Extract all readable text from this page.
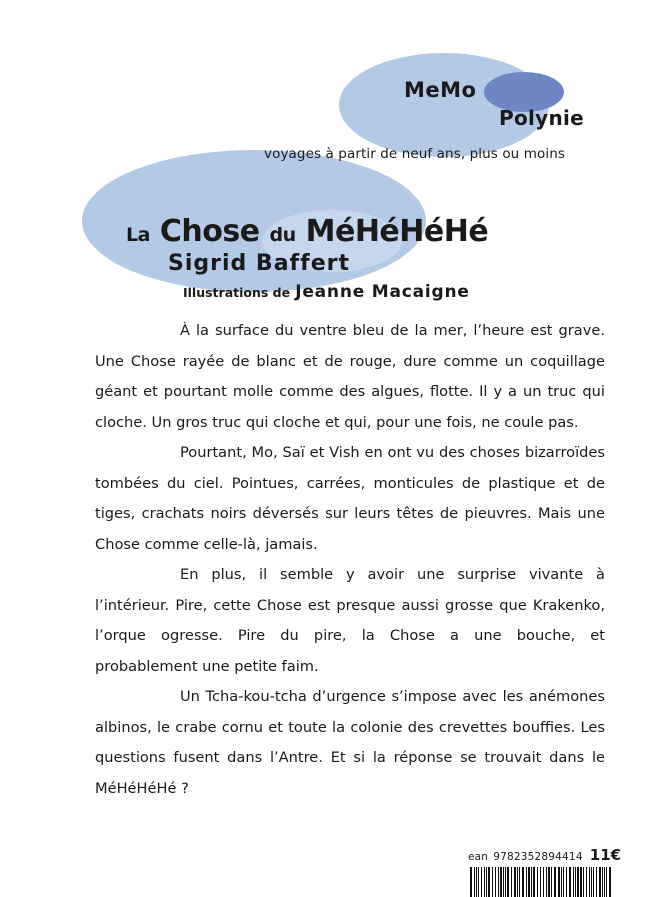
MeMo
Polynie
voyages à partir de neuf ans, plus ou moins
La Chose du MéHéHéHé
Sigrid Baffert
Illustrations de Jeanne Macaigne

À la surface du ventre bleu de la mer, l’heure est grave. Une Chose rayée de blanc et de rouge, dure comme un coquillage géant et pourtant molle comme des algues, flotte. Il y a un truc qui cloche. Un gros truc qui cloche et qui, pour une fois, ne coule pas.

Pourtant, Mo, Saï et Vish en ont vu des choses bizarroïdes tombées du ciel. Pointues, carrées, monticules de plastique et de tiges, crachats noirs déversés sur leurs têtes de pieuvres. Mais une Chose comme celle-là, jamais.

En plus, il semble y avoir une surprise vivante à l’intérieur. Pire, cette Chose est presque aussi grosse que Krakenko, l’orque ogresse. Pire du pire, la Chose a une bouche, et probablement une petite faim.

Un Tcha-kou-tcha d’urgence s’impose avec les anémones albinos, le crabe cornu et toute la colonie des crevettes bouffies. Les questions fusent dans l’Antre. Et si la réponse se trouvait dans le MéHéHéHé ?

ean 9782352894414 11€
